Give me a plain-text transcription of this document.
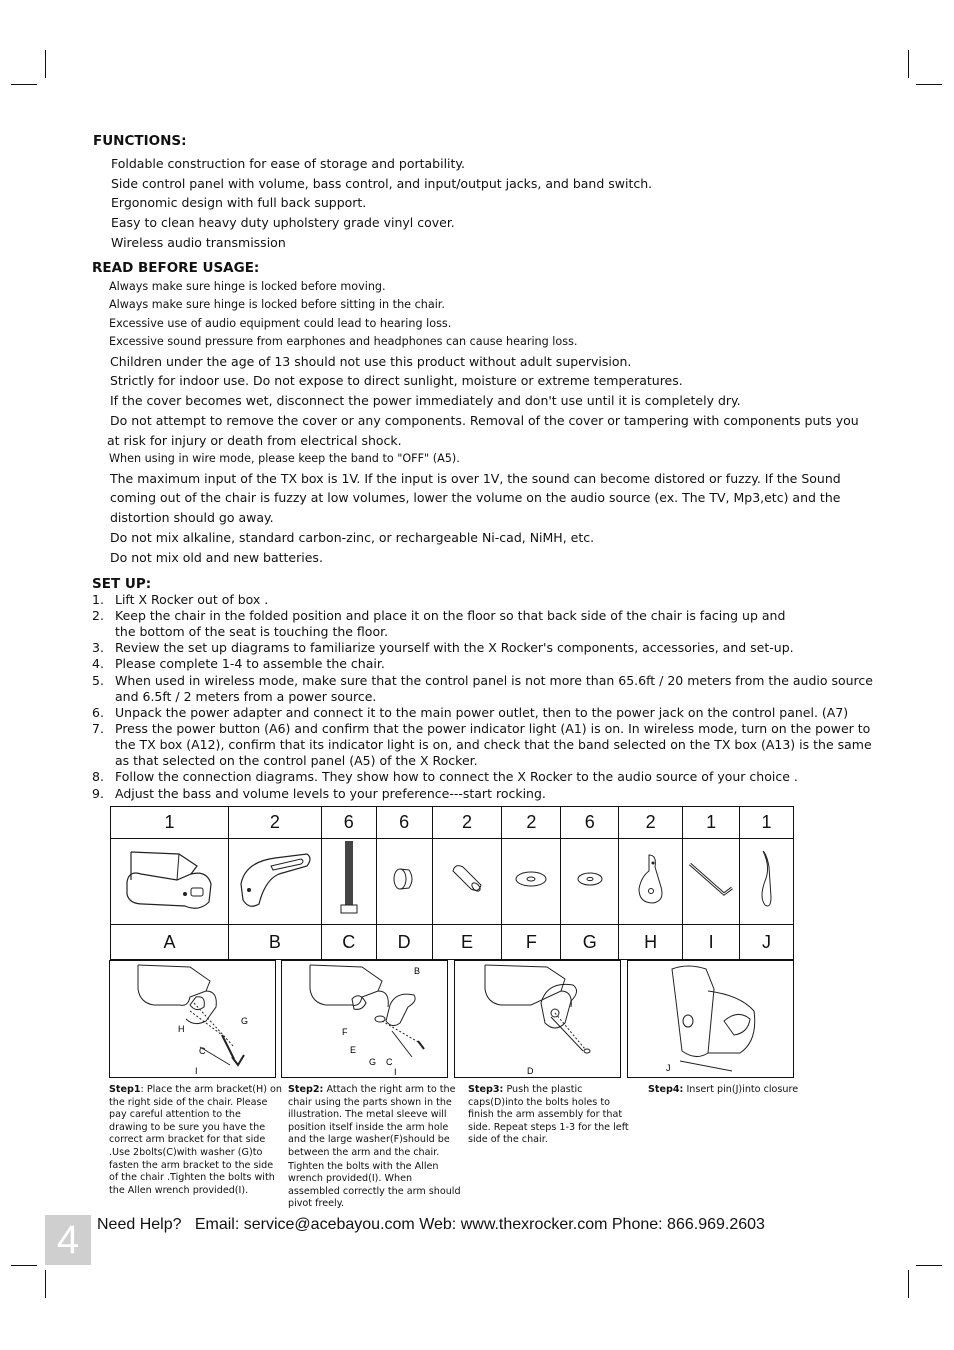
FUNCTIONS:

Foldable construction for ease of storage and portability.

Side control panel with volume, bass control, and input/output jacks, and band switch.

Ergonomic design with full back support.

Easy to clean heavy duty upholstery grade vinyl cover.

Wireless audio transmission

READ BEFORE USAGE:

Always make sure hinge is locked before moving.

Always make sure hinge is locked before sitting in the chair.

Excessive use of audio equipment could lead to hearing loss.

Excessive sound pressure from earphones and headphones can cause hearing loss.

Children under the age of 13 should not use this product without adult supervision.

Strictly for indoor use. Do not expose to direct sunlight, moisture or extreme temperatures.

If the cover becomes wet, disconnect the power immediately and don't use until it is completely dry.

Do not attempt to remove the cover or any components. Removal of the cover or tampering with components puts you

at risk for injury or death from electrical shock.

When using in wire mode, please keep the band to "OFF" (A5).

The maximum input of the TX box is 1V. If the input is over 1V, the sound can become distored or fuzzy. If the Sound

coming out of the chair is fuzzy at low volumes, lower the volume on the audio source (ex. The TV, Mp3,etc) and the

distortion should go away.

Do not mix alkaline, standard carbon-zinc, or rechargeable Ni-cad, NiMH, etc.

Do not mix old and new batteries.

SET UP:
1. Lift X Rocker out of box .
2. Keep the chair in the folded position and place it on the floor so that back side of the chair is facing up and
the bottom of the seat is touching the floor.
3. Review the set up diagrams to familiarize yourself with the X Rocker's components, accessories, and set-up.
4. Please complete 1-4 to assemble the chair.
5. When used in wireless mode, make sure that the control panel is not more than 65.6ft / 20 meters from the audio source
and 6.5ft / 2 meters from a power source.
6. Unpack the power adapter and connect it to the main power outlet, then to the power jack on the control panel. (A7)
7. Press the power button (A6) and confirm that the power indicator light (A1) is on. In wireless mode, turn on the power to
the TX box (A12), confirm that its indicator light is on, and check that the band selected on the TX box (A13) is the same
as that selected on the control panel (A5) of the X Rocker.
8. Follow the connection diagrams. They show how to connect the X Rocker to the audio source of your choice .
9. Adjust the bass and volume levels to your preference---start rocking.
1	2	6	6	2	2	6	2	1	1

A	B	C	D	E	F	G	H	I	J
H
G
C
I
B
F
E
G C
I	D	J
Step1: Place the arm bracket(H) on the right side of the chair. Please pay careful attention to the drawing to be sure you have the correct arm bracket for that side .Use 2bolts(C)with washer (G)to fasten the arm bracket to the side of the chair .Tighten the bolts with the Allen wrench provided(I).
Step2: Attach the right arm to the chair using the parts shown in the illustration. The metal sleeve will position itself inside the arm hole and the large washer(F)should be between the arm and the chair.
Tighten the bolts with the Allen wrench provided(I). When assembled correctly the arm should pivot freely.
Step3: Push the plastic caps(D)into the bolts holes to finish the arm assembly for that side. Repeat steps 1-3 for the left side of the chair.
Step4: Insert pin(J)into closure
4	Need Help? Email: service@acebayou.com Web: www.thexrocker.com Phone: 866.969.2603
